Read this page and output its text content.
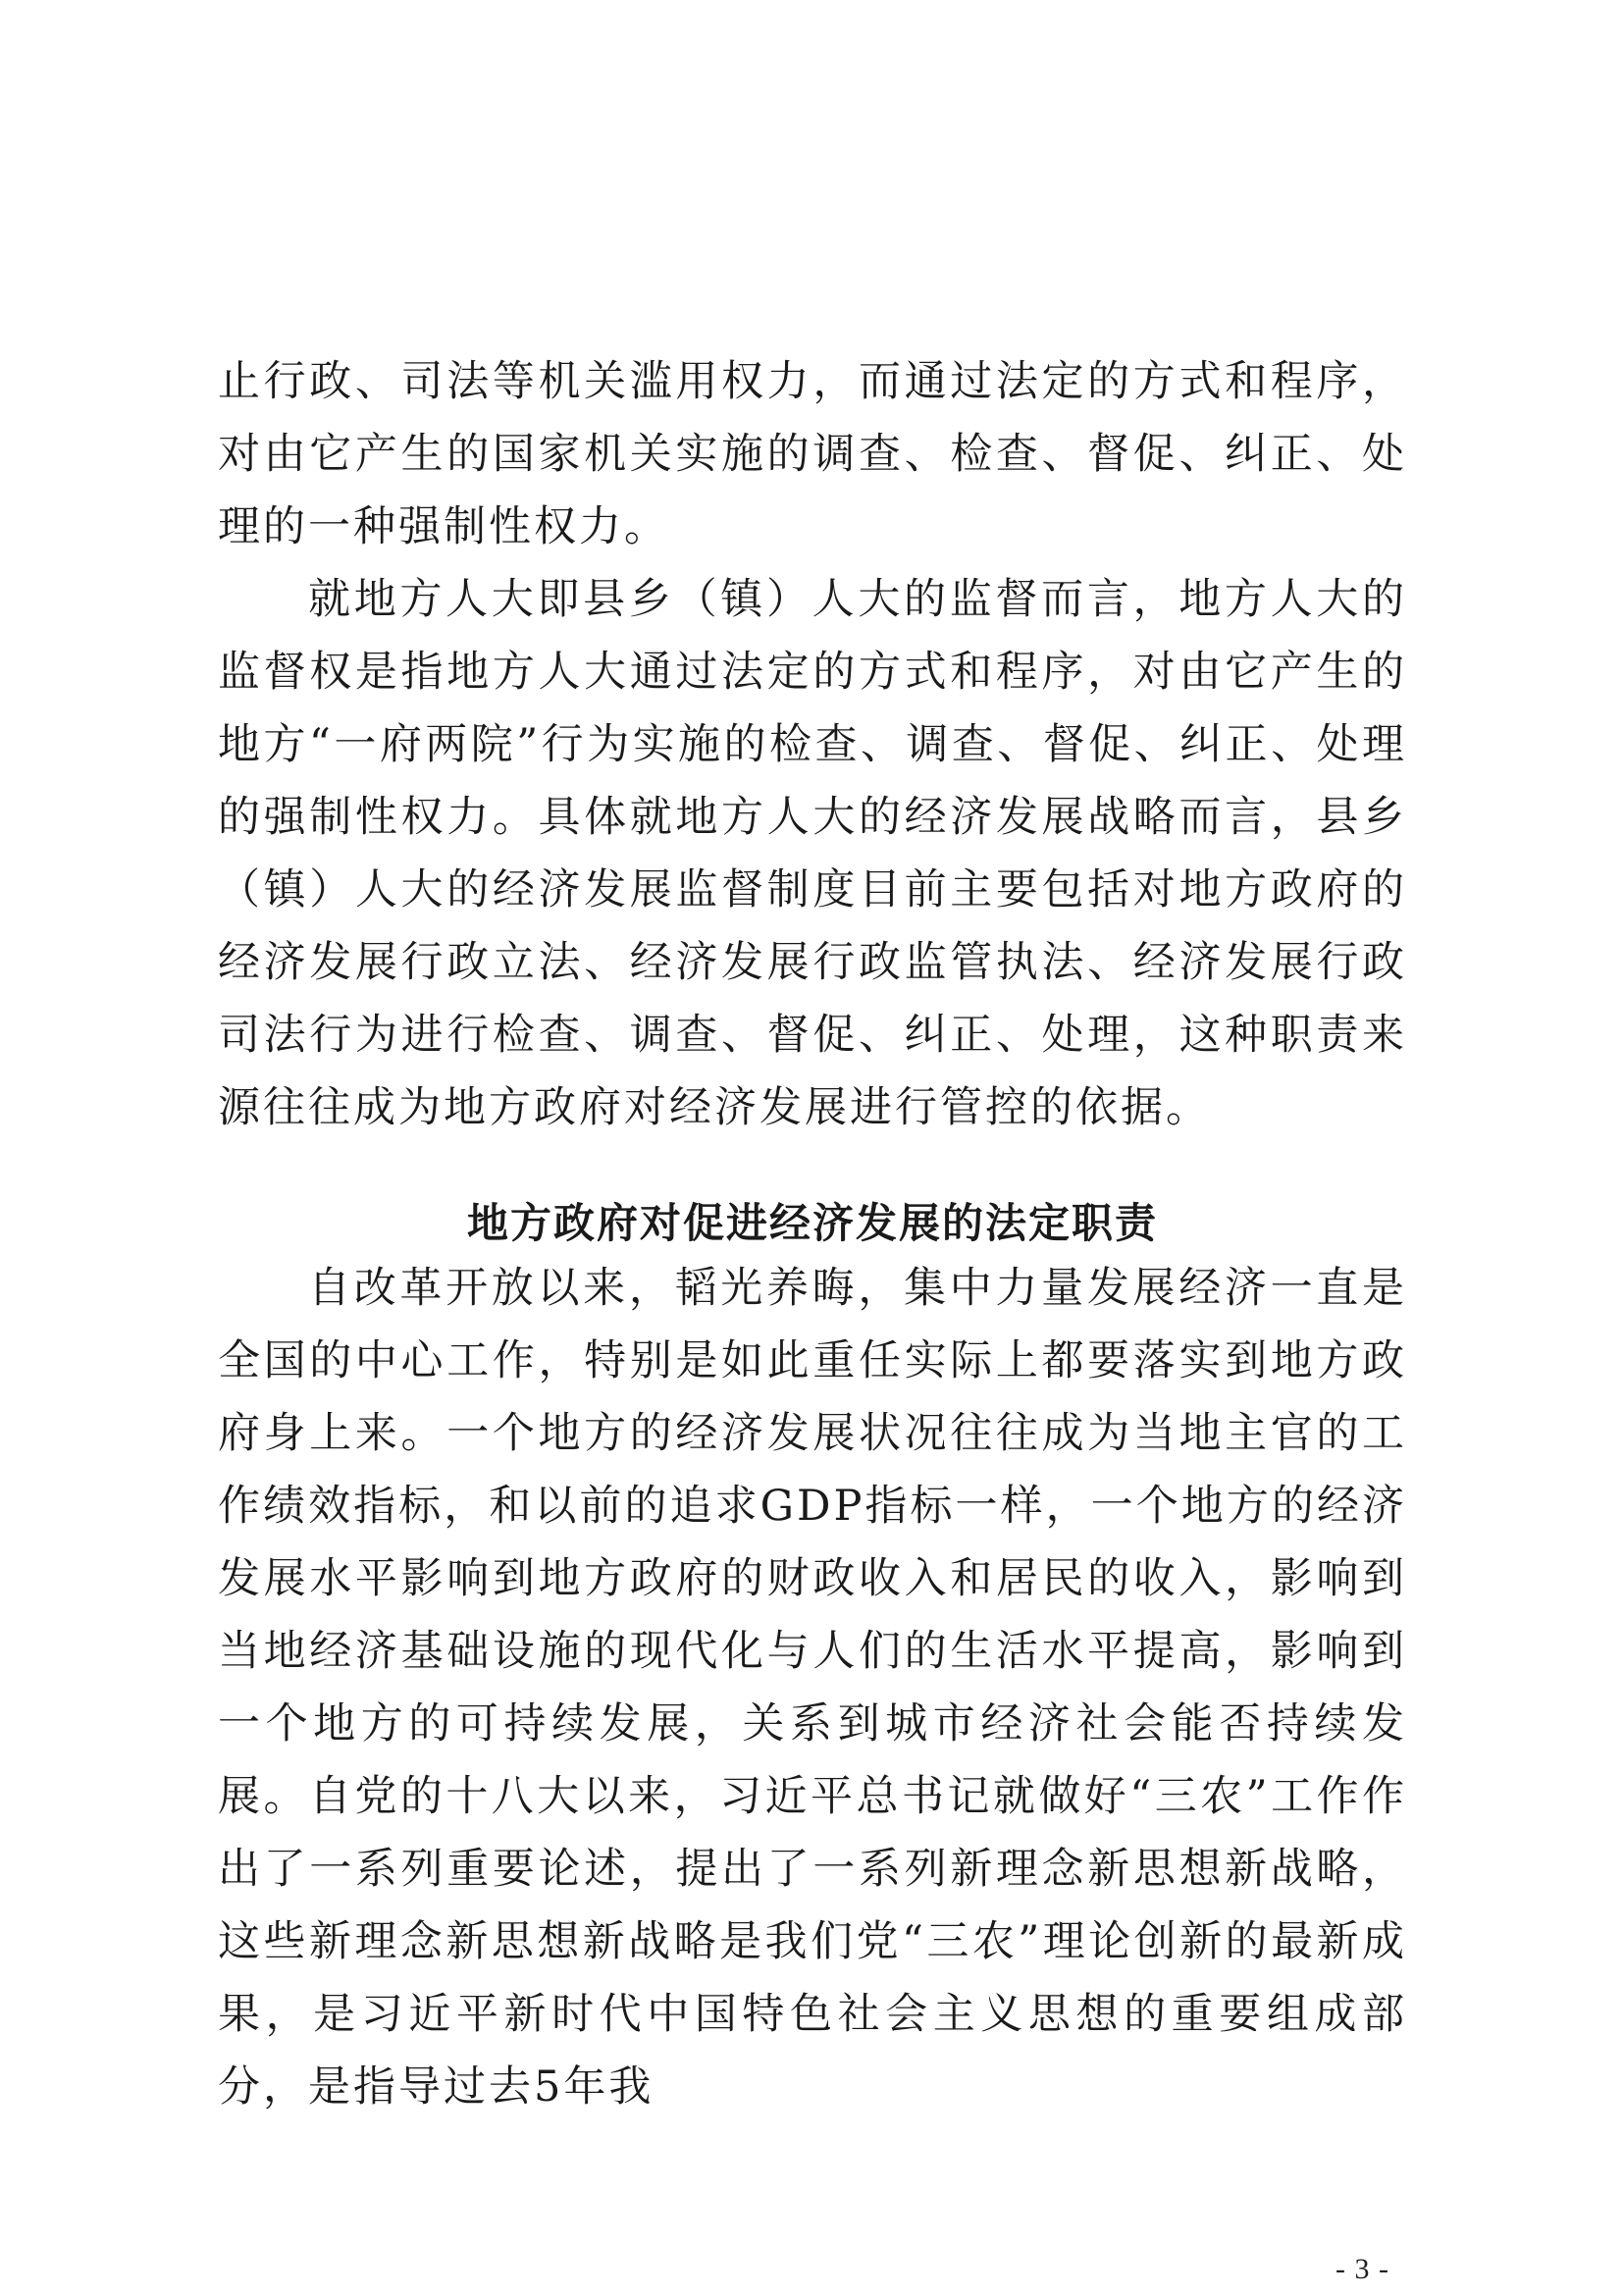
止行政、司法等机关滥用权力，而通过法定的方式和程序，对由它产生的国家机关实施的调查、检查、督促、纠正、处理的一种强制性权力。

就地方人大即县乡（镇）人大的监督而言，地方人大的监督权是指地方人大通过法定的方式和程序，对由它产生的地方“一府两院”行为实施的检查、调查、督促、纠正、处理的强制性权力。具体就地方人大的经济发展战略而言，县乡（镇）人大的经济发展监督制度目前主要包括对地方政府的经济发展行政立法、经济发展行政监管执法、经济发展行政司法行为进行检查、调查、督促、纠正、处理，这种职责来源往往成为地方政府对经济发展进行管控的依据。

地方政府对促进经济发展的法定职责

自改革开放以来，韬光养晦，集中力量发展经济一直是全国的中心工作，特别是如此重任实际上都要落实到地方政府身上来。一个地方的经济发展状况往往成为当地主官的工作绩效指标，和以前的追求GDP指标一样，一个地方的经济发展水平影响到地方政府的财政收入和居民的收入，影响到当地经济基础设施的现代化与人们的生活水平提高，影响到一个地方的可持续发展，关系到城市经济社会能否持续发展。自党的十八大以来，习近平总书记就做好“三农”工作作出了一系列重要论述，提出了一系列新理念新思想新战略，这些新理念新思想新战略是我们党“三农”理论创新的最新成果，是习近平新时代中国特色社会主义思想的重要组成部分，是指导过去5年我

- 3 -
